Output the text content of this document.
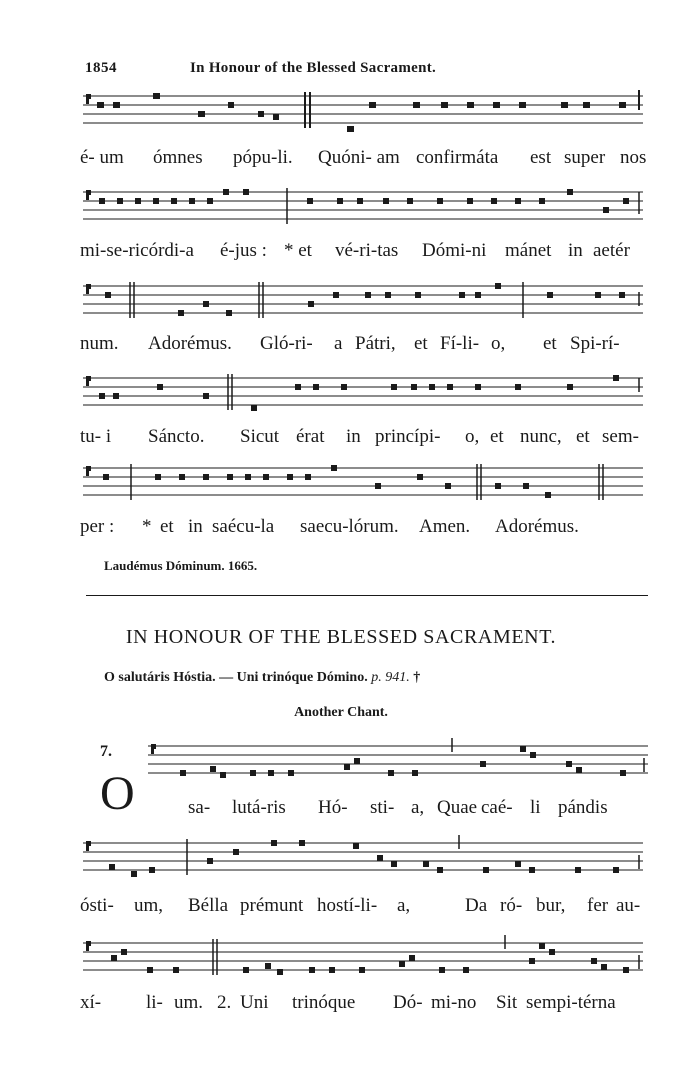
1854	In Honour of the Blessed Sacrament.
é- um ómnes pópu-li. Quóni- am confirmáta est super nos
mi-se-ricórdi-a é-jus : * et vé-ri-tas Dómi-ni mánet in aetér
num. Adorémus. Gló-ri- a Pátri, et Fí-li- o, et Spi-rí-
tu- i Sáncto. Sicut érat in princípi- o, et nunc, et sem-
per : * et in saécu-la saecu-lórum. Amen. Adorémus.
Laudémus Dóminum. 1665.
IN HONOUR OF THE BLESSED SACRAMENT.
O salutáris Hóstia. — Uni trinóque Dómino. p. 941. †
Another Chant.
7.
O	sa- lutá-ris Hó- sti- a, Quae caé- li pándis
ósti- um, Bélla prémunt hostí-li- a,	Da ró- bur, fer au-
xí- li- um. 2. Uni trinóque Dó- mi-no Sit sempi-térna
